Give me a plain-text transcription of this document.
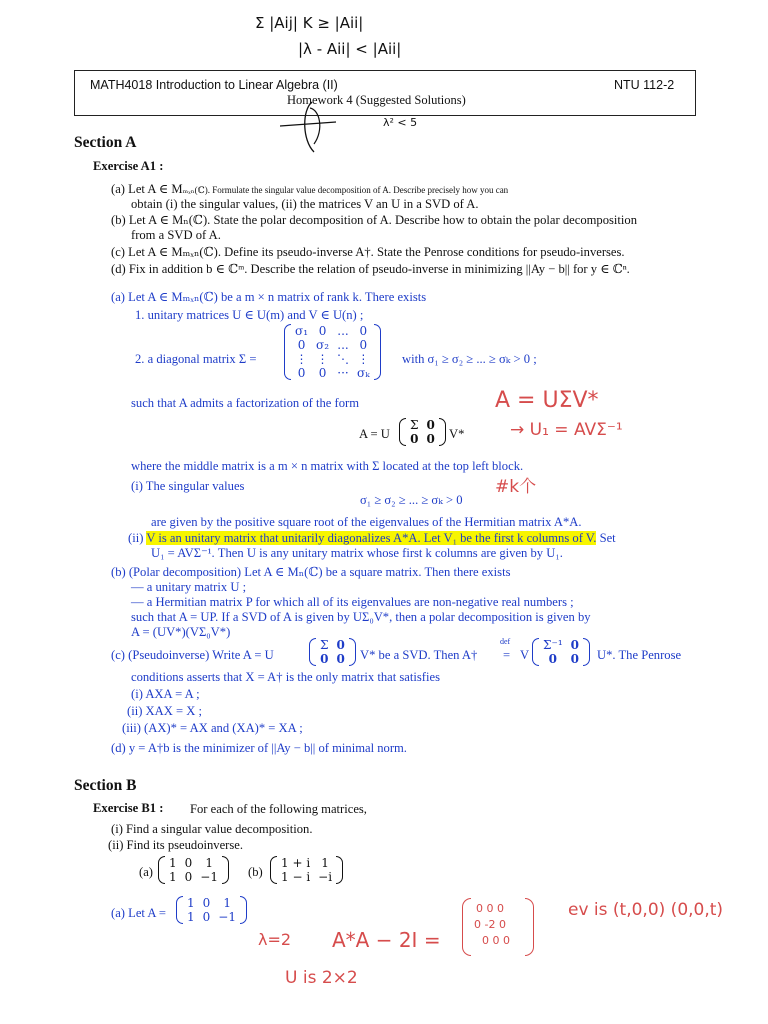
Σ |Aij| K ≥ |Aii|
|λ - Aii| < |Aii|
MATH4018 Introduction to Linear Algebra (II)	NTU 112-2
Homework 4 (Suggested Solutions)
λ² < 5
Section A
Exercise A1 :
(a) Let A ∈ Mₘₓₙ(ℂ). Formulate the singular value decomposition of A. Describe precisely how you can
obtain (i) the singular values, (ii) the matrices V an U in a SVD of A.
(b) Let A ∈ Mₙ(ℂ). State the polar decomposition of A. Describe how to obtain the polar decomposition
from a SVD of A.
(c) Let A ∈ Mₘₓₙ(ℂ). Define its pseudo-inverse A†. State the Penrose conditions for pseudo-inverses.
(d) Fix in addition b ∈ ℂᵐ. Describe the relation of pseudo-inverse in minimizing ||Ay − b|| for y ∈ ℂⁿ.
(a) Let A ∈ Mₘₓₙ(ℂ) be a m × n matrix of rank k. There exists
1. unitary matrices U ∈ U(m) and V ∈ U(n) ;
2. a diagonal matrix Σ =
σ₁	0	...	0
0	σ₂	...	0
⋮	⋮	⋱	⋮
0	0	···	σₖ
with σ₁ ≥ σ₂ ≥ ... ≥ σₖ > 0 ;
such that A admits a factorization of the form
A = U
Σ	0
0	0 V*
A = UΣV*
→ U₁ = AVΣ⁻¹
#k个
where the middle matrix is a m × n matrix with Σ located at the top left block.
(i) The singular values
σ₁ ≥ σ₂ ≥ ... ≥ σₖ > 0
are given by the positive square root of the eigenvalues of the Hermitian matrix A*A.
(ii) V is an unitary matrix that unitarily diagonalizes A*A. Let V₁ be the first k columns of V. Set
U₁ = AVΣ⁻¹. Then U is any unitary matrix whose first k columns are given by U₁.
(b) (Polar decomposition) Let A ∈ Mₙ(ℂ) be a square matrix. Then there exists
— a unitary matrix U ;
— a Hermitian matrix P for which all of its eigenvalues are non-negative real numbers ;
such that A = UP. If a SVD of A is given by UΣ₀V*, then a polar decomposition is given by
A = (UV*)(VΣ₀V*)
(c) (Pseudoinverse) Write A = U
Σ	0
0	0 V* be a SVD. Then A†
def
= V
Σ⁻¹	0
0	0 U*. The Penrose
conditions asserts that X = A† is the only matrix that satisfies
(i) AXA = A ;
(ii) XAX = X ;
(iii) (AX)* = AX and (XA)* = XA ;
(d) y = A†b is the minimizer of ||Ay − b|| of minimal norm.
Section B
Exercise B1 : For each of the following matrices,
(i) Find a singular value decomposition.
(ii) Find its pseudoinverse.
(a)
1	0	1
1	0	−1 (b)
1 + i	1
1 − i	−i
(a) Let A =
1	0	1
1	0	−1
λ=2 A*A − 2I =
0 0 0
0 -2 0
0 0 0
ev is (t,0,0) (0,0,t)
U is 2×2
